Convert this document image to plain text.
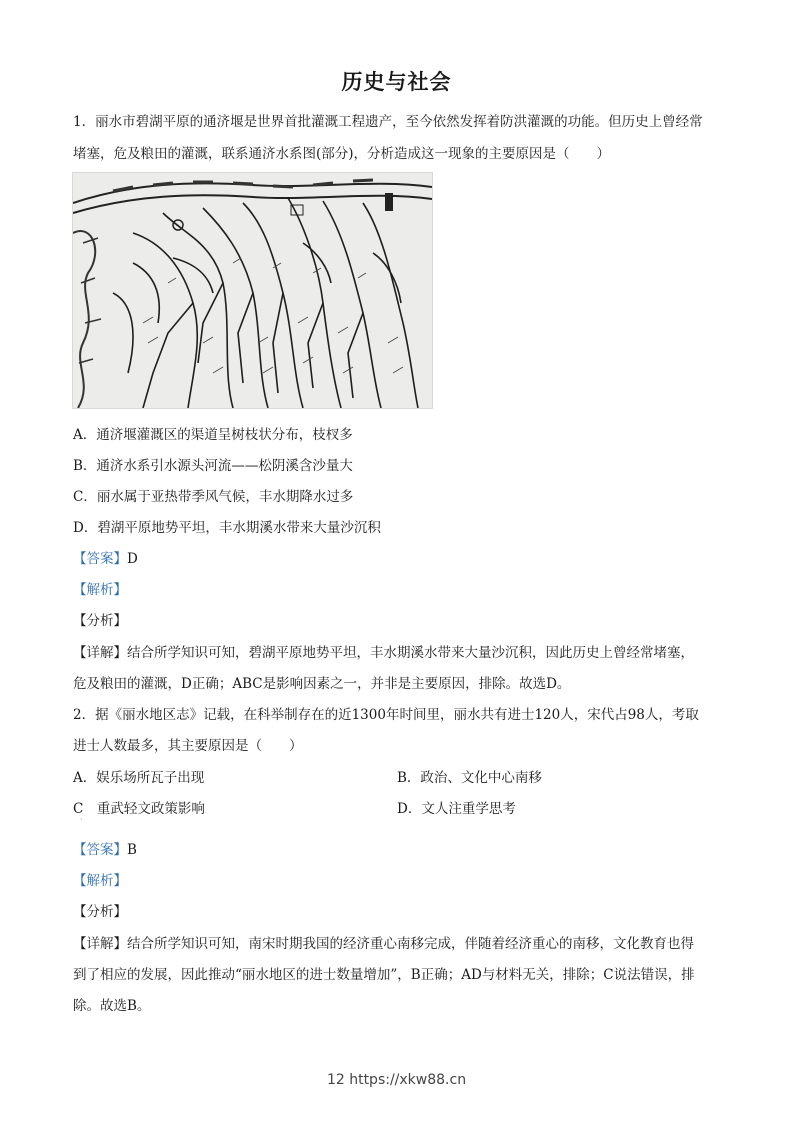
历史与社会
1．丽水市碧湖平原的通济堰是世界首批灌溉工程遗产，至今依然发挥着防洪灌溉的功能。但历史上曾经常
堵塞，危及粮田的灌溉，联系通济水系图(部分)，分析造成这一现象的主要原因是（　　）
A．通济堰灌溉区的渠道呈树枝状分布，枝杈多
B．通济水系引水源头河流——松阴溪含沙量大
C．丽水属于亚热带季风气候，丰水期降水过多
D．碧湖平原地势平坦，丰水期溪水带来大量沙沉积
【答案】D
【解析】
【分析】
【详解】结合所学知识可知，碧湖平原地势平坦，丰水期溪水带来大量沙沉积，因此历史上曾经常堵塞，
危及粮田的灌溉，D正确；ABC是影响因素之一，并非是主要原因，排除。故选D。
2．据《丽水地区志》记载，在科举制存在的近1300年时间里，丽水共有进士120人，宋代占98人，考取
进士人数最多，其主要原因是（　　）
A．娱乐场所瓦子出现	B．政治、文化中心南移
C　重武轻文政策影响	D．文人注重学思考
·
【答案】B
【解析】
【分析】
【详解】结合所学知识可知，南宋时期我国的经济重心南移完成，伴随着经济重心的南移，文化教育也得
到了相应的发展，因此推动“丽水地区的进士数量增加”，B正确；AD与材料无关，排除；C说法错误，排
除。故选B。
12 https://xkw88.cn
